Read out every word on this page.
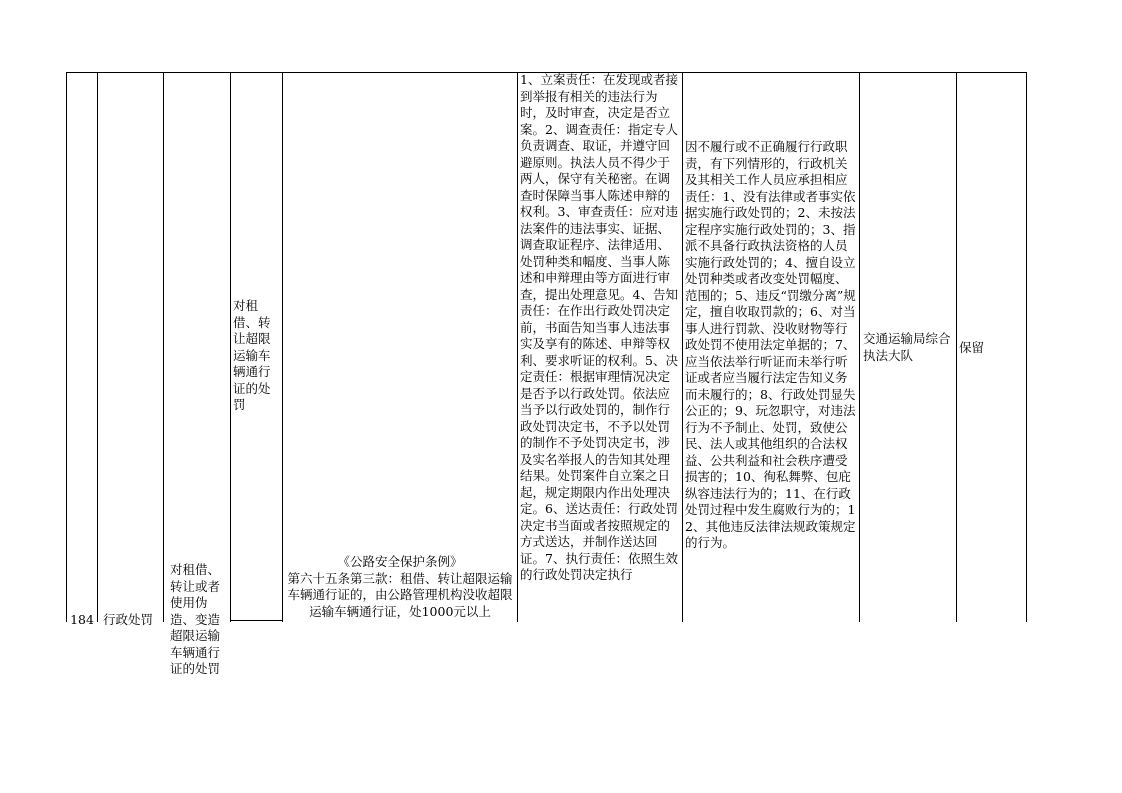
184 行政处罚
对租借、转让或者使用伪造、变造超限运输车辆通行证的处罚
对租借、转让超限运输车辆通行证的处罚
《公路安全保护条例》
第六十五条第三款：租借、转让超限运输车辆通行证的，由公路管理机构没收超限运输车辆通行证，处1000元以上
1、立案责任：在发现或者接到举报有相关的违法行为时，及时审查，决定是否立案。2、调查责任：指定专人负责调查、取证，并遵守回避原则。执法人员不得少于两人，保守有关秘密。在调查时保障当事人陈述申辩的权利。3、审查责任：应对违法案件的违法事实、证据、调查取证程序、法律适用、处罚种类和幅度、当事人陈述和申辩理由等方面进行审查，提出处理意见。4、告知责任：在作出行政处罚决定前，书面告知当事人违法事实及享有的陈述、申辩等权利、要求听证的权利。5、决定责任：根据审理情况决定是否予以行政处罚。依法应当予以行政处罚的，制作行政处罚决定书，不予以处罚的制作不予处罚决定书，涉及实名举报人的告知其处理结果。处罚案件自立案之日起，规定期限内作出处理决定。6、送达责任：行政处罚决定书当面或者按照规定的方式送达，并制作送达回证。7、执行责任：依照生效的行政处罚决定执行
因不履行或不正确履行行政职责，有下列情形的，行政机关及其相关工作人员应承担相应责任：1、没有法律或者事实依据实施行政处罚的；2、未按法定程序实施行政处罚的；3、指派不具备行政执法资格的人员实施行政处罚的；4、擅自设立处罚种类或者改变处罚幅度、范围的；5、违反“罚缴分离”规定，擅自收取罚款的；6、对当事人进行罚款、没收财物等行政处罚不使用法定单据的；7、应当依法举行听证而未举行听证或者应当履行法定告知义务而未履行的；8、行政处罚显失公正的；9、玩忽职守，对违法行为不予制止、处罚，致使公民、法人或其他组织的合法权益、公共利益和社会秩序遭受损害的；10、徇私舞弊、包庇纵容违法行为的；11、在行政处罚过程中发生腐败行为的；12、其他违反法律法规政策规定的行为。
交通运输局综合执法大队	保留
